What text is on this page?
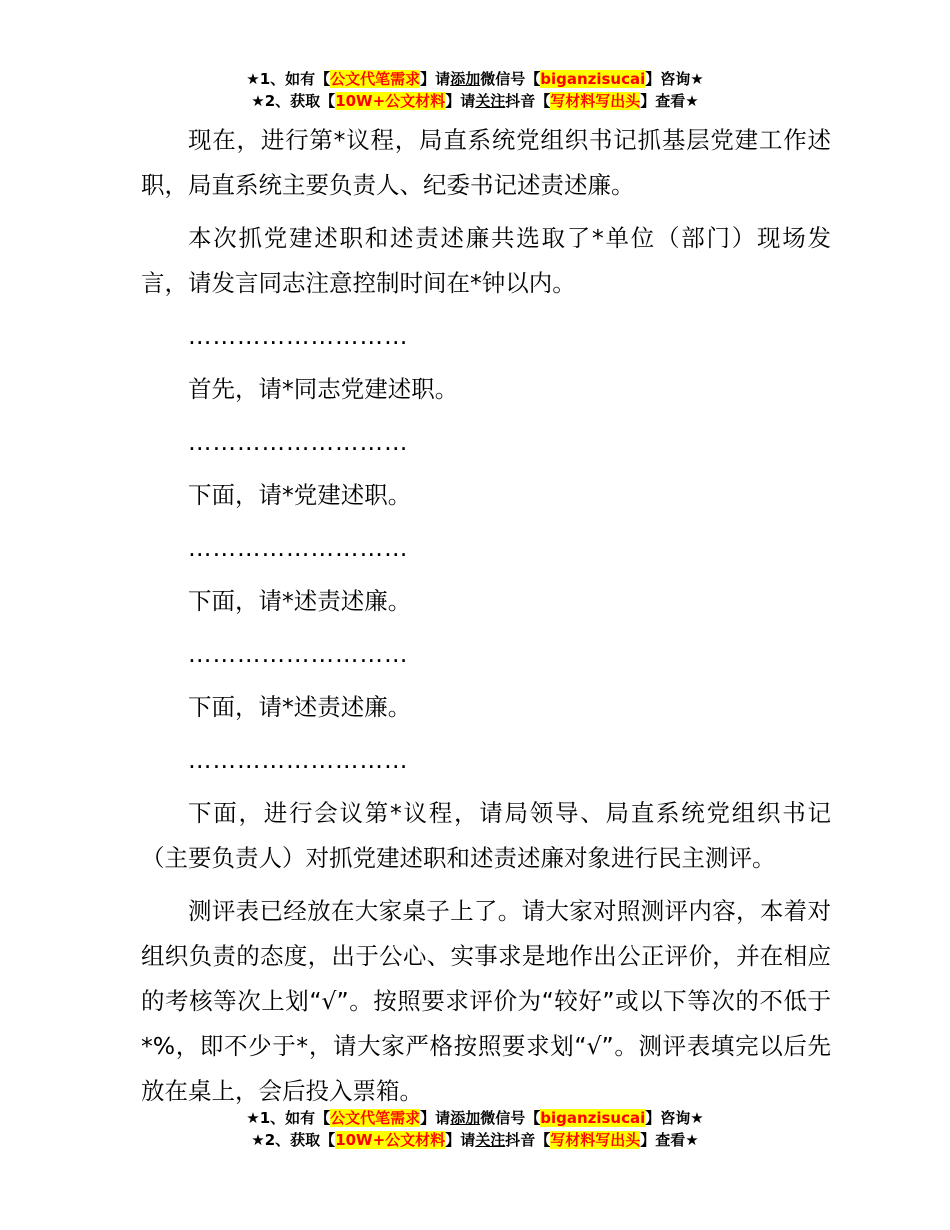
★1、如有【公文代笔需求】请添加微信号【biganzisucai】咨询★
★2、获取【10W+公文材料】请关注抖音【写材料写出头】查看★

现在，进行第*议程，局直系统党组织书记抓基层党建工作述职，局直系统主要负责人、纪委书记述责述廉。

本次抓党建述职和述责述廉共选取了*单位（部门）现场发言，请发言同志注意控制时间在*钟以内。

………………………

首先，请*同志党建述职。

………………………

下面，请*党建述职。

………………………

下面，请*述责述廉。

………………………

下面，请*述责述廉。

………………………

下面，进行会议第*议程，请局领导、局直系统党组织书记（主要负责人）对抓党建述职和述责述廉对象进行民主测评。

测评表已经放在大家桌子上了。请大家对照测评内容，本着对组织负责的态度，出于公心、实事求是地作出公正评价，并在相应的考核等次上划“√”。按照要求评价为“较好”或以下等次的不低于*%，即不少于*，请大家严格按照要求划“√”。测评表填完以后先放在桌上，会后投入票箱。

★1、如有【公文代笔需求】请添加微信号【biganzisucai】咨询★
★2、获取【10W+公文材料】请关注抖音【写材料写出头】查看★
